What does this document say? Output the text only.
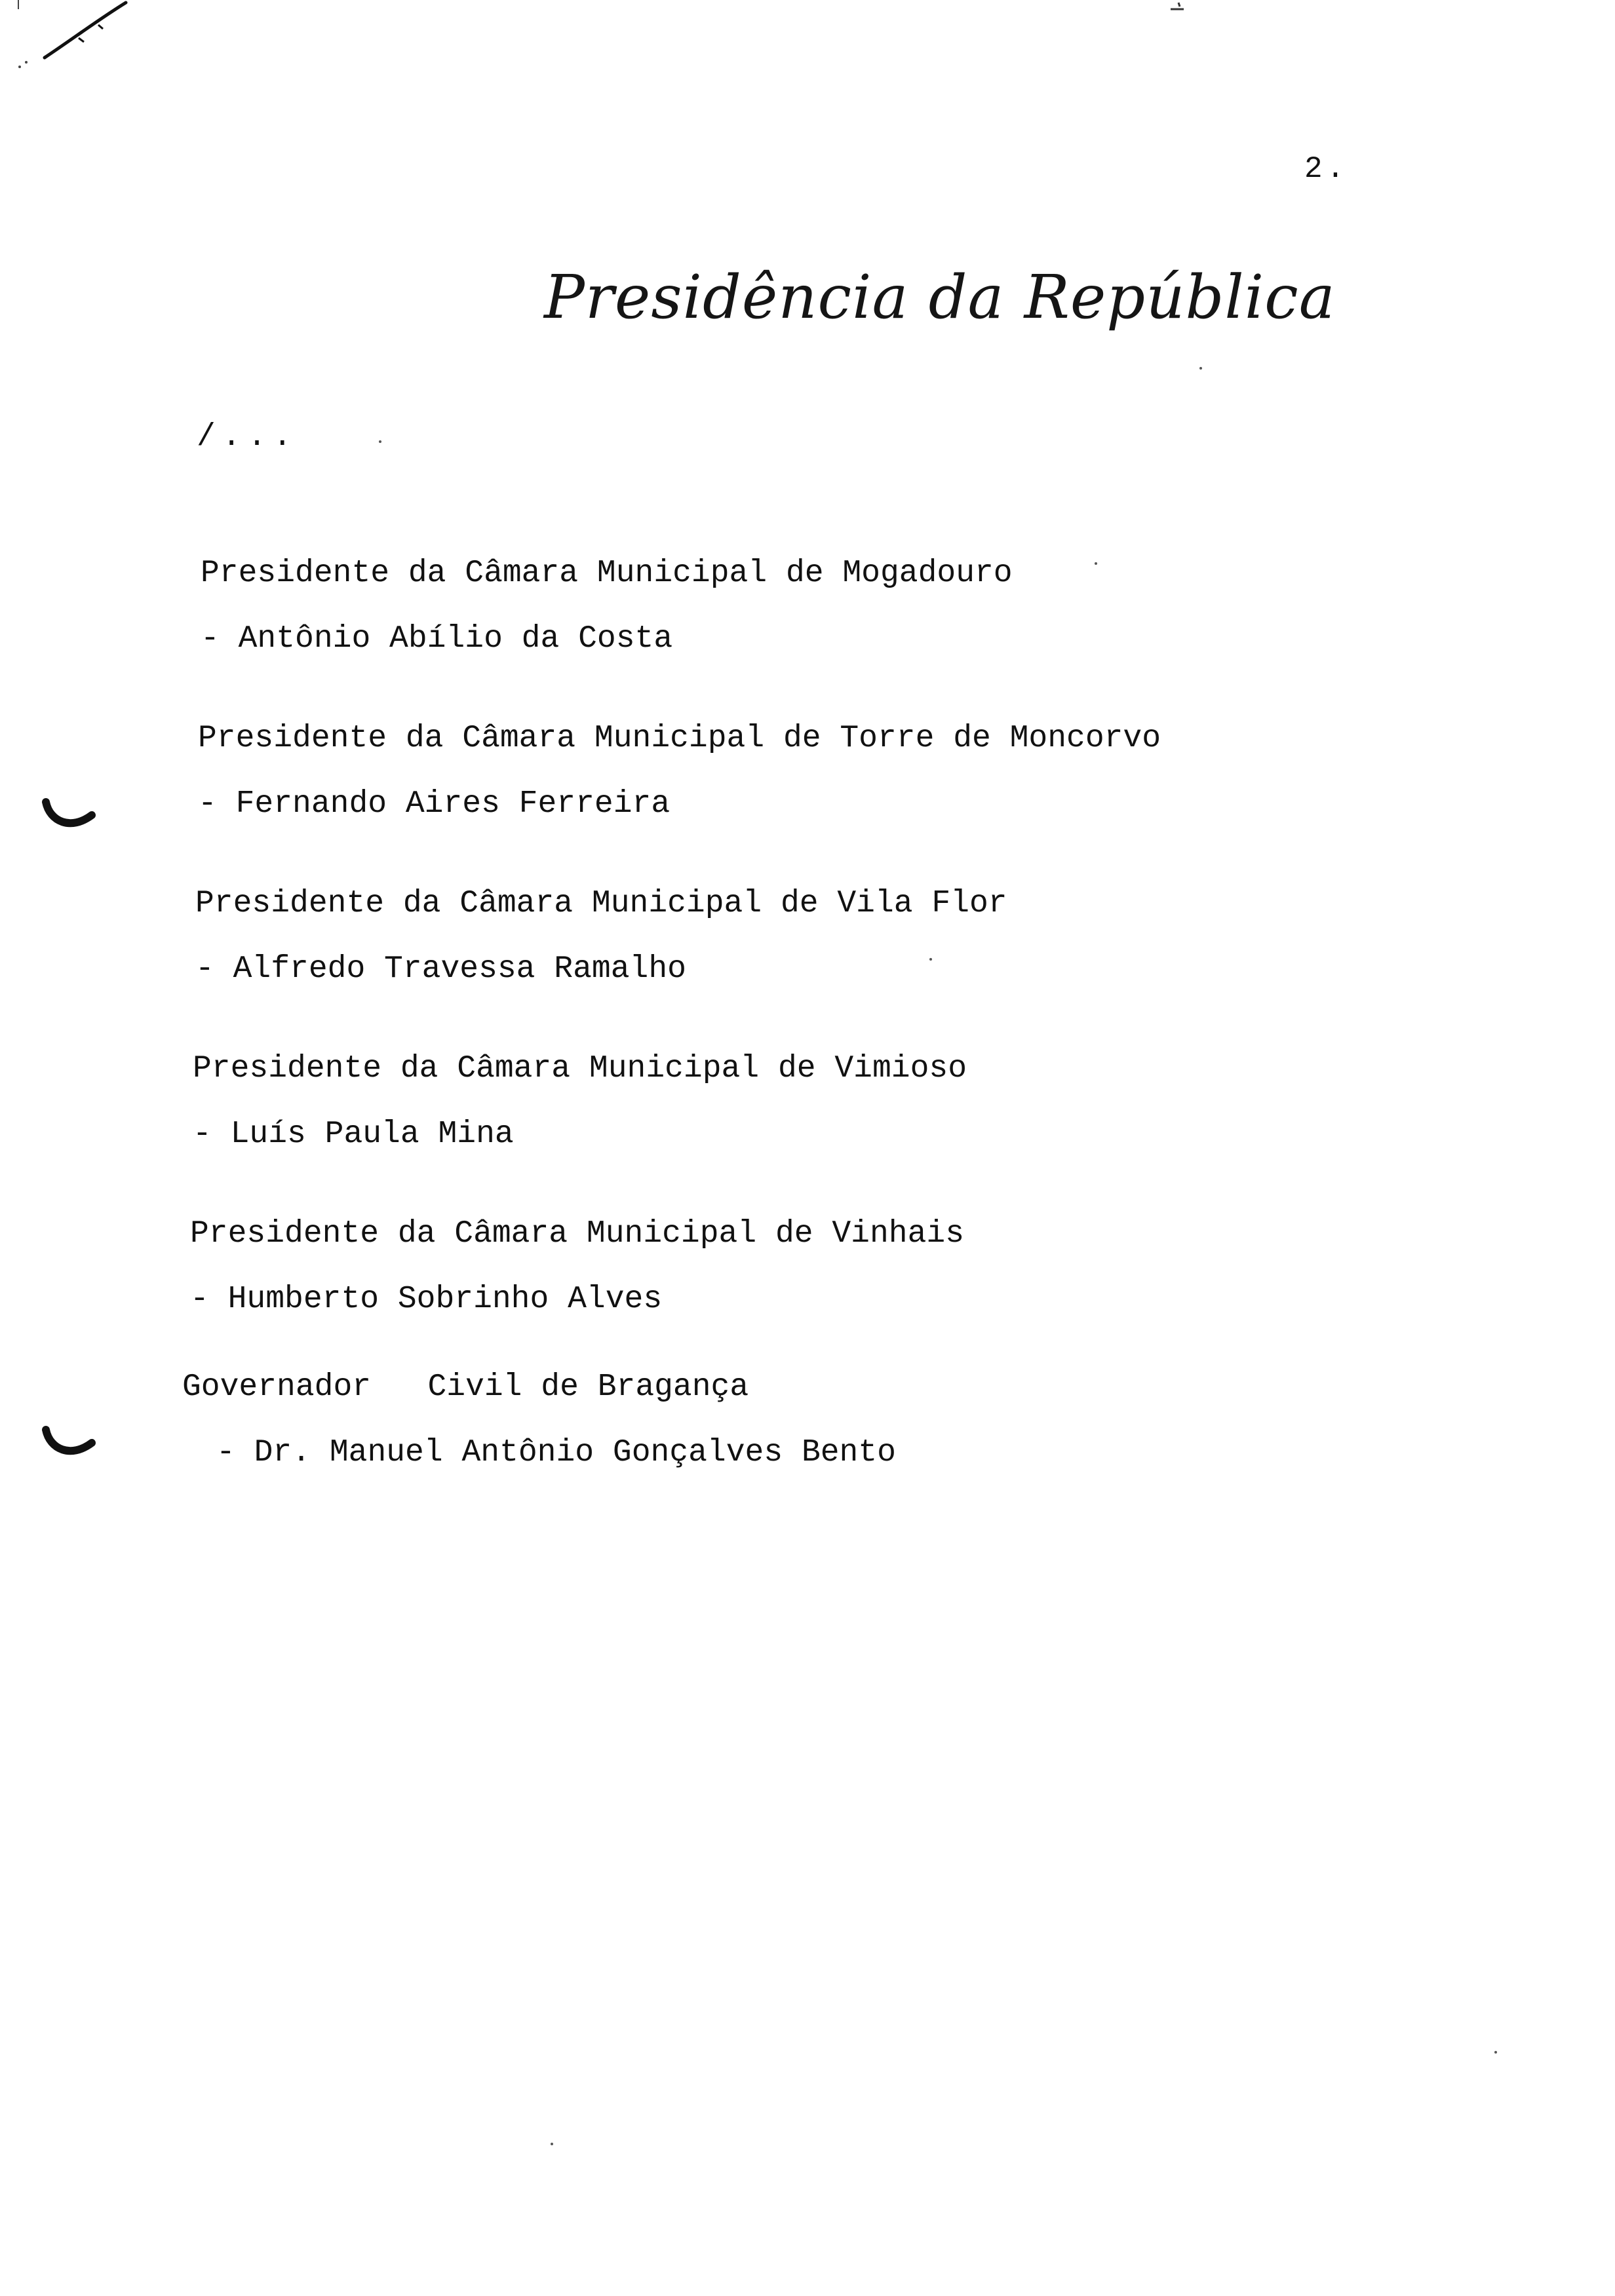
2.
Presidência da República
/...
Presidente da Câmara Municipal de Mogadouro
- Antônio Abílio da Costa
Presidente da Câmara Municipal de Torre de Moncorvo
- Fernando Aires Ferreira
Presidente da Câmara Municipal de Vila Flor
- Alfredo Travessa Ramalho
Presidente da Câmara Municipal de Vimioso
- Luís Paula Mina
Presidente da Câmara Municipal de Vinhais
- Humberto Sobrinho Alves
Governador   Civil de Bragança
- Dr. Manuel Antônio Gonçalves Bento
